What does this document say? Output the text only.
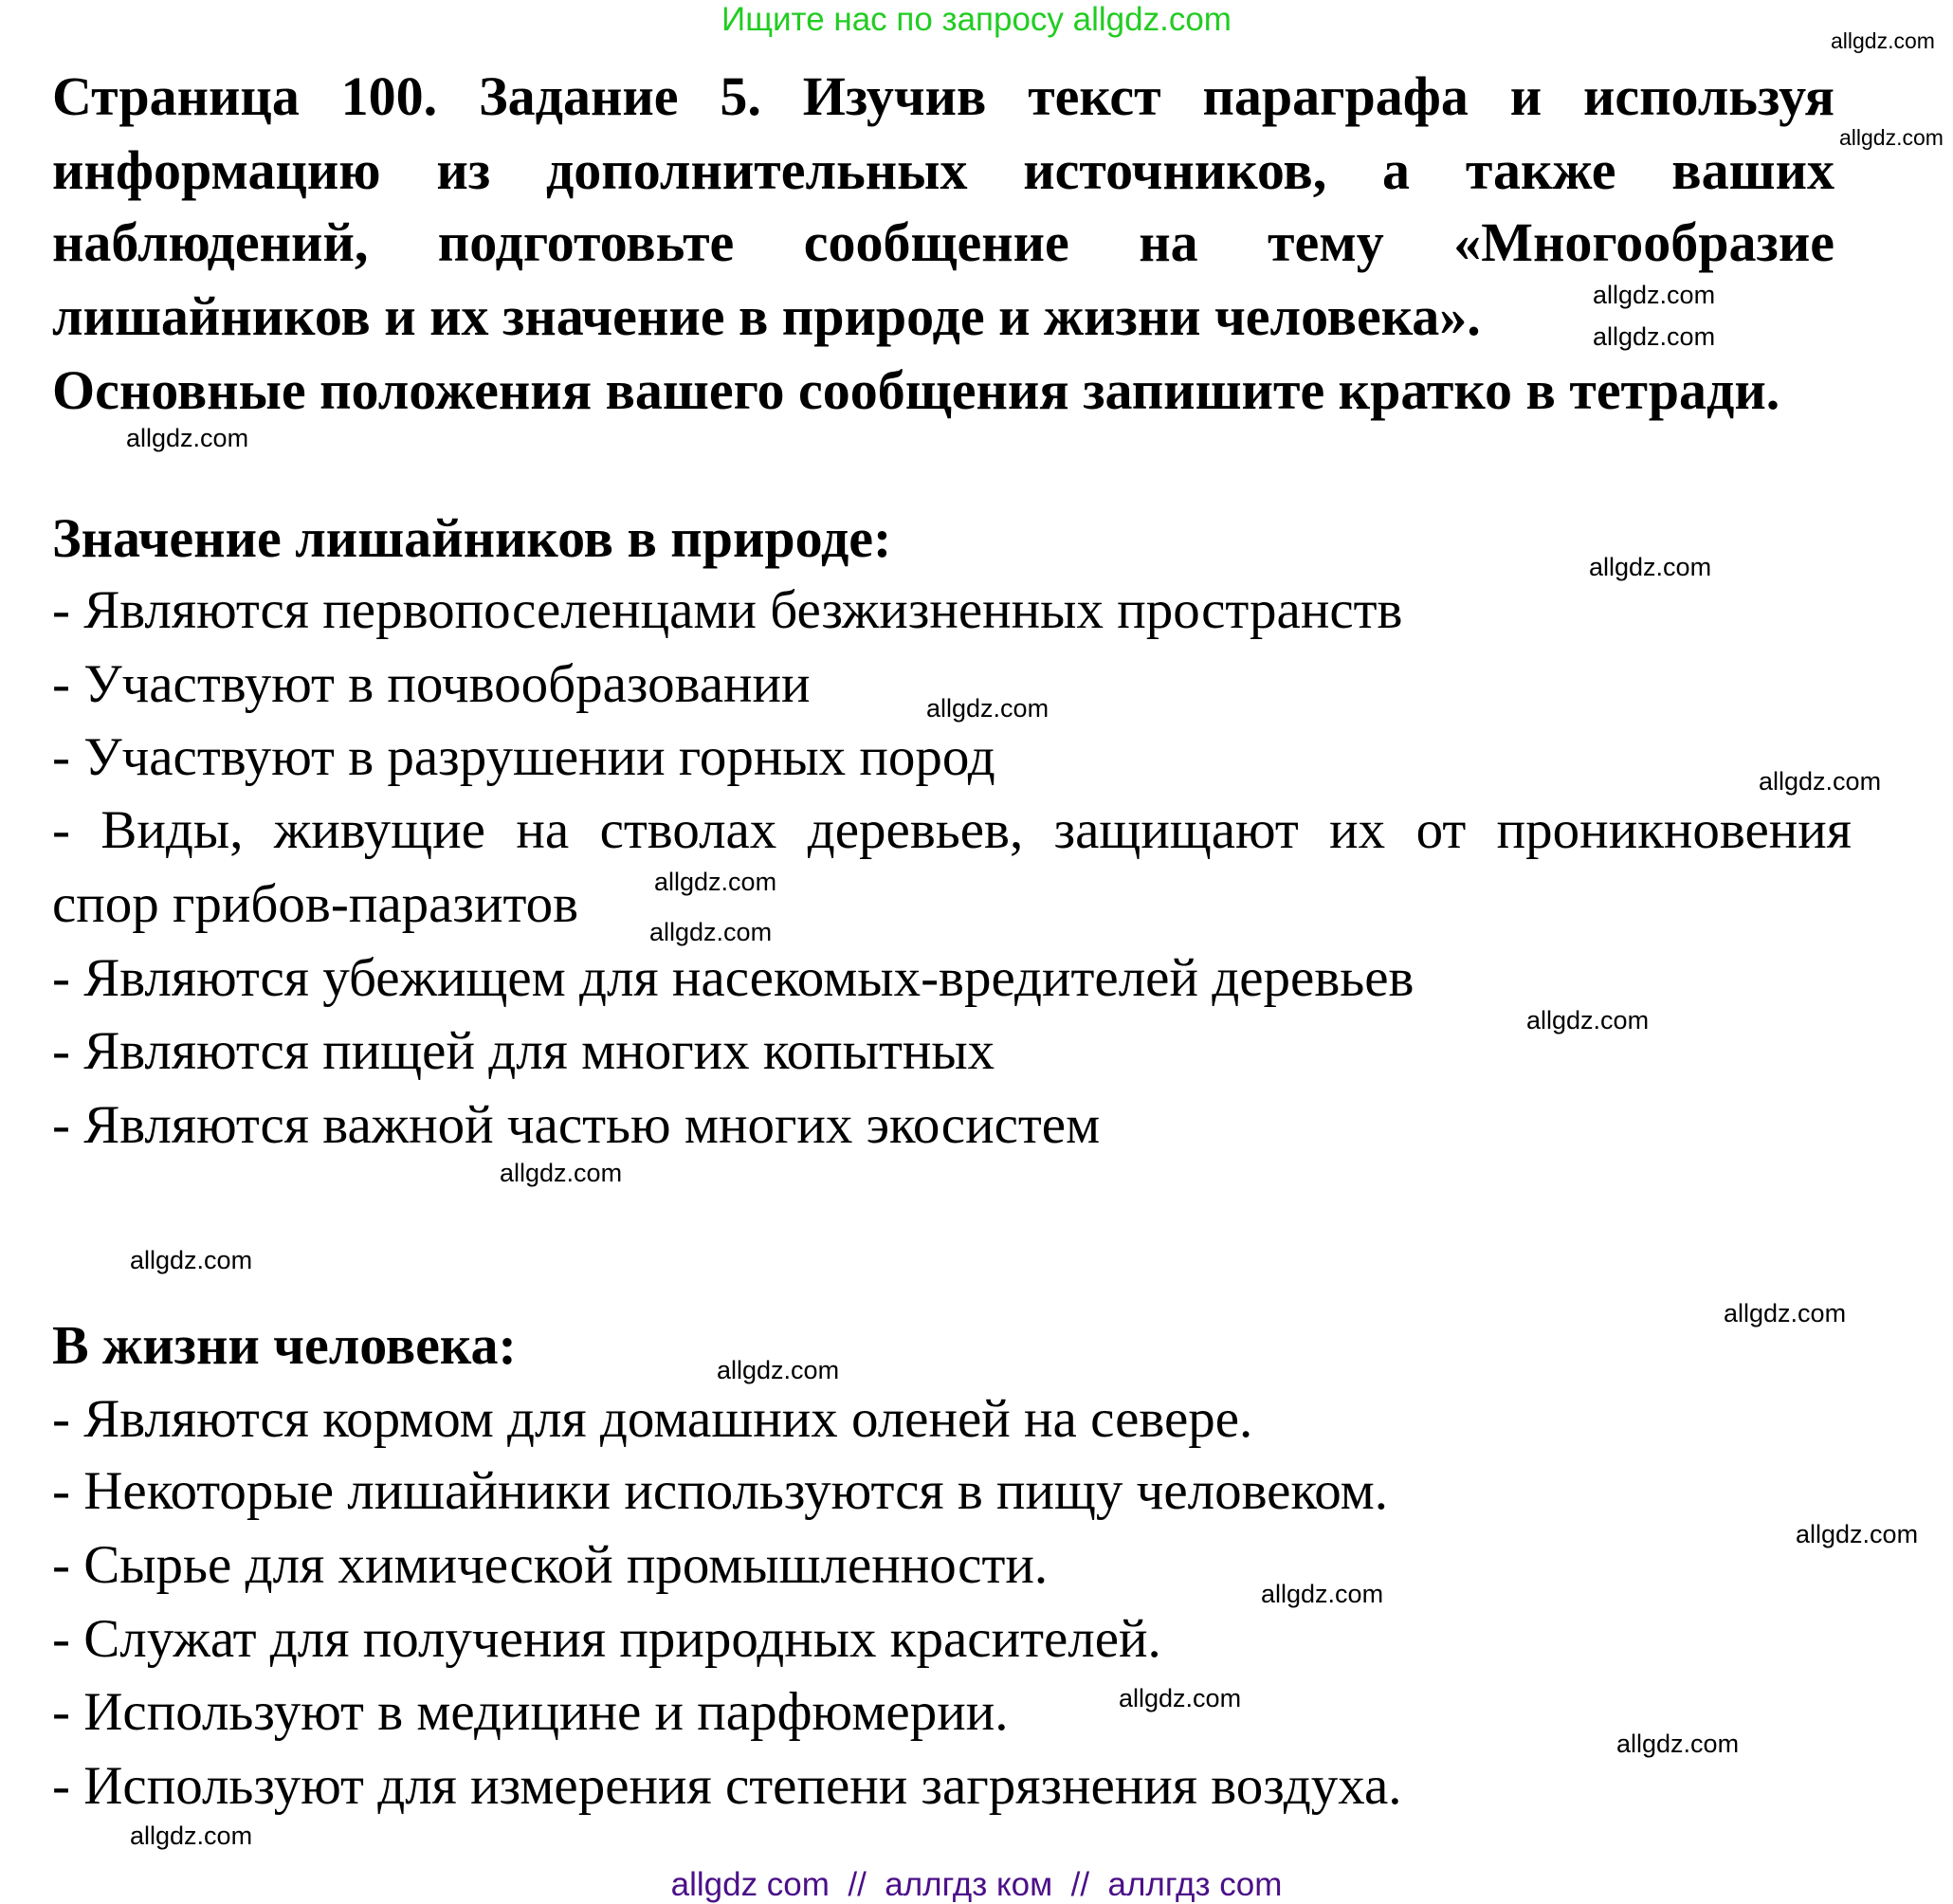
Ищите нас по запросу allgdz.com
Страница 100. Задание 5. Изучив текст параграфа и используя
информацию из дополнительных источников, а также ваших
наблюдений, подготовьте сообщение на тему «Многообразие
лишайников и их значение в природе и жизни человека».
Основные положения вашего сообщения запишите кратко в тетради.
Значение лишайников в природе:
- Являются первопоселенцами безжизненных пространств
- Участвуют в почвообразовании
- Участвуют в разрушении горных пород
- Виды, живущие на стволах деревьев, защищают их от проникновения
спор грибов-паразитов
- Являются убежищем для насекомых-вредителей деревьев
- Являются пищей для многих копытных
- Являются важной частью многих экосистем
В жизни человека:
- Являются кормом для домашних оленей на севере.
- Некоторые лишайники используются в пищу человеком.
- Сырье для химической промышленности.
- Служат для получения природных красителей.
- Используют в медицине и парфюмерии.
- Используют для измерения степени загрязнения воздуха.
allgdz.com
allgdz.com
allgdz.com
allgdz.com
allgdz.com
allgdz.com
allgdz.com
allgdz.com
allgdz.com
allgdz.com
allgdz.com
allgdz.com
allgdz.com
allgdz.com
allgdz.com
allgdz.com
allgdz.com
allgdz.com
allgdz.com
allgdz.com
allgdz com  //  аллгдз ком  //  аллгдз com
